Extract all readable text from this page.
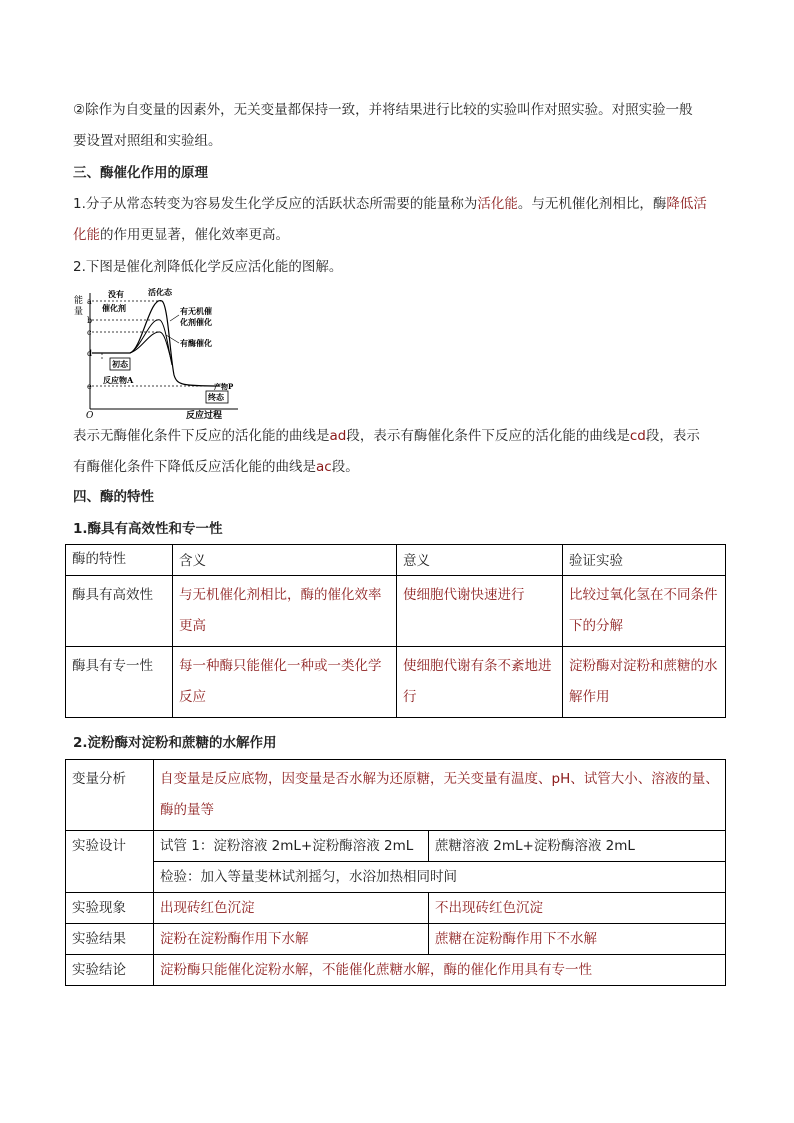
②除作为自变量的因素外，无关变量都保持一致，并将结果进行比较的实验叫作对照实验。对照实验一般
要设置对照组和实验组。
三、酶催化作用的原理
1.分子从常态转变为容易发生化学反应的活跃状态所需要的能量称为活化能。与无机催化剂相比，酶降低活
化能的作用更显著，催化效率更高。
2.下图是催化剂降低化学反应活化能的图解。
能
量
O	反应过程
a
b
c
d
e
没有
催化剂
活化态
有无机催
化剂催化
有酶催化
初态
反应物A
终态
产物P
表示无酶催化条件下反应的活化能的曲线是ad段，表示有酶催化条件下反应的活化能的曲线是cd段，表示
有酶催化条件下降低反应活化能的曲线是ac段。
四、酶的特性
1.酶具有高效性和专一性
酶的特性	含义	意义	验证实验
酶具有高效性	与无机催化剂相比，酶的催化效率更高	使细胞代谢快速进行	比较过氧化氢在不同条件下的分解
酶具有专一性	每一种酶只能催化一种或一类化学反应	使细胞代谢有条不紊地进行	淀粉酶对淀粉和蔗糖的水解作用
2.淀粉酶对淀粉和蔗糖的水解作用
变量分析	自变量是反应底物，因变量是否水解为还原糖，无关变量有温度、pH、试管大小、溶液的量、酶的量等	
实验设计	试管 1：淀粉溶液 2mL+淀粉酶溶液 2mL	蔗糖溶液 2mL+淀粉酶溶液 2mL
	检验：加入等量斐林试剂摇匀，水浴加热相同时间	
实验现象	出现砖红色沉淀	不出现砖红色沉淀
实验结果	淀粉在淀粉酶作用下水解	蔗糖在淀粉酶作用下不水解
实验结论	淀粉酶只能催化淀粉水解，不能催化蔗糖水解，酶的催化作用具有专一性	
